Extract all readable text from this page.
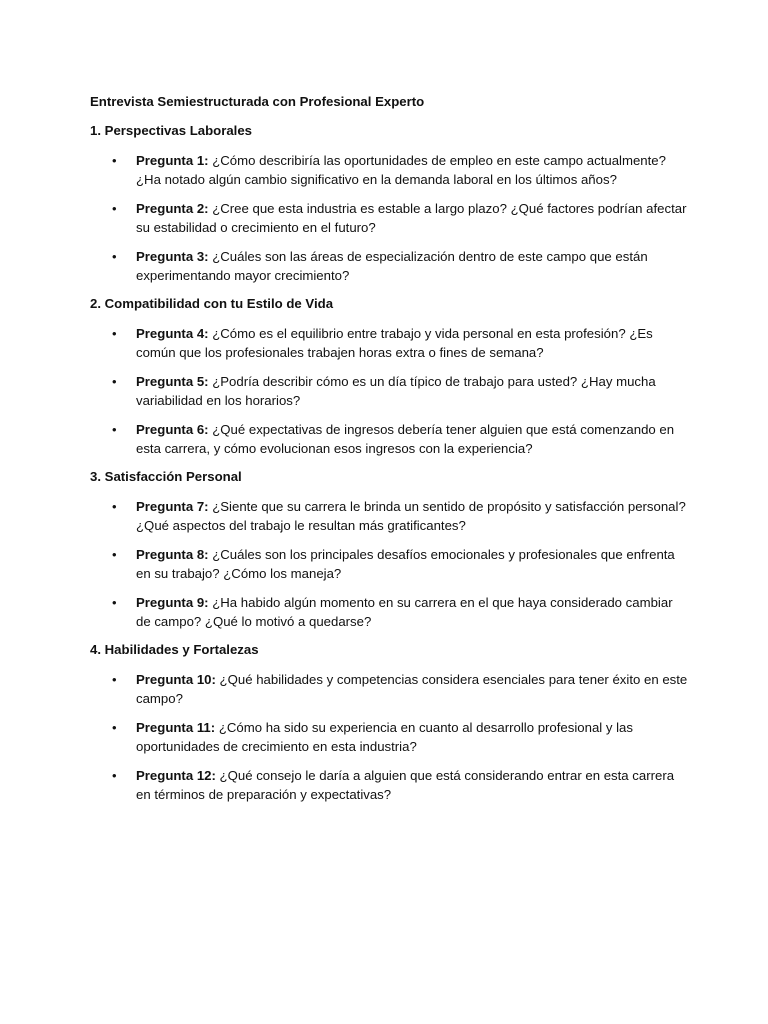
Entrevista Semiestructurada con Profesional Experto
1. Perspectivas Laborales
• Pregunta 1: ¿Cómo describiría las oportunidades de empleo en este campo actualmente? ¿Ha notado algún cambio significativo en la demanda laboral en los últimos años?
• Pregunta 2: ¿Cree que esta industria es estable a largo plazo? ¿Qué factores podrían afectar su estabilidad o crecimiento en el futuro?
• Pregunta 3: ¿Cuáles son las áreas de especialización dentro de este campo que están experimentando mayor crecimiento?
2. Compatibilidad con tu Estilo de Vida
• Pregunta 4: ¿Cómo es el equilibrio entre trabajo y vida personal en esta profesión? ¿Es común que los profesionales trabajen horas extra o fines de semana?
• Pregunta 5: ¿Podría describir cómo es un día típico de trabajo para usted? ¿Hay mucha variabilidad en los horarios?
• Pregunta 6: ¿Qué expectativas de ingresos debería tener alguien que está comenzando en esta carrera, y cómo evolucionan esos ingresos con la experiencia?
3. Satisfacción Personal
• Pregunta 7: ¿Siente que su carrera le brinda un sentido de propósito y satisfacción personal? ¿Qué aspectos del trabajo le resultan más gratificantes?
• Pregunta 8: ¿Cuáles son los principales desafíos emocionales y profesionales que enfrenta en su trabajo? ¿Cómo los maneja?
• Pregunta 9: ¿Ha habido algún momento en su carrera en el que haya considerado cambiar de campo? ¿Qué lo motivó a quedarse?
4. Habilidades y Fortalezas
• Pregunta 10: ¿Qué habilidades y competencias considera esenciales para tener éxito en este campo?
• Pregunta 11: ¿Cómo ha sido su experiencia en cuanto al desarrollo profesional y las oportunidades de crecimiento en esta industria?
• Pregunta 12: ¿Qué consejo le daría a alguien que está considerando entrar en esta carrera en términos de preparación y expectativas?
